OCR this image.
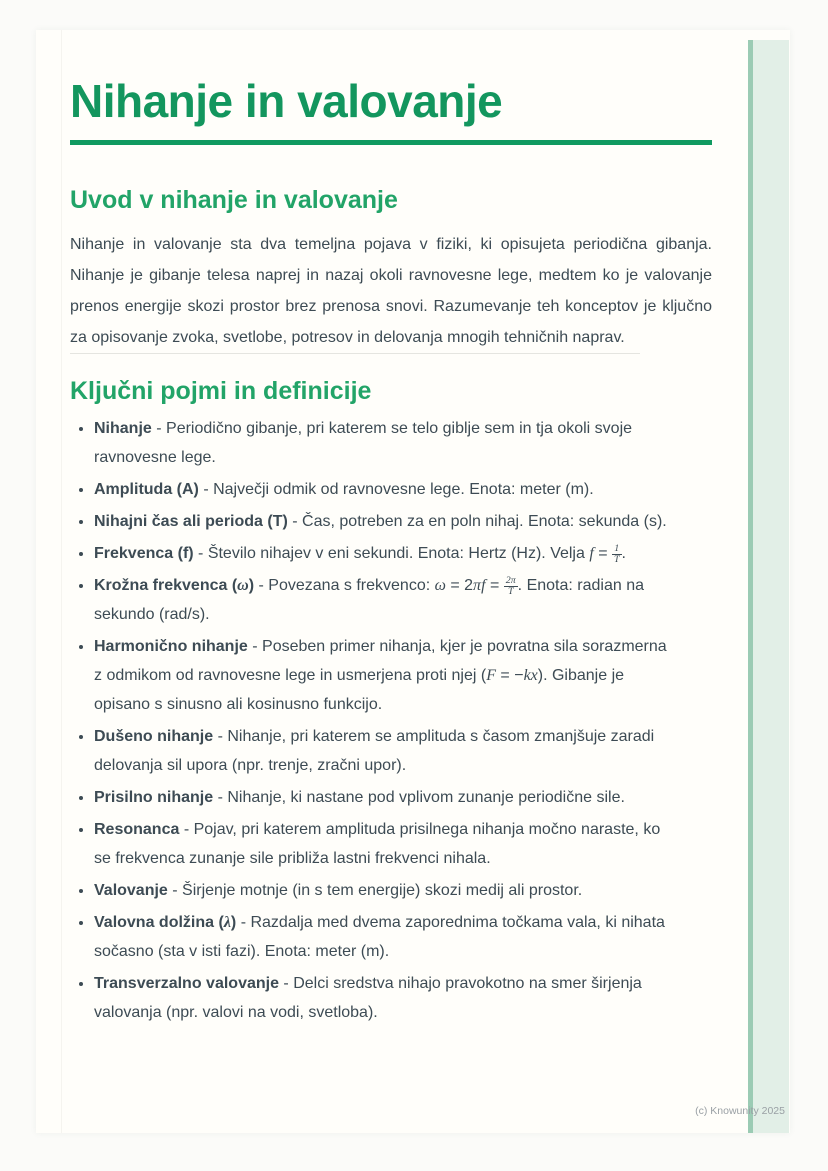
Nihanje in valovanje
Uvod v nihanje in valovanje

Nihanje in valovanje sta dva temeljna pojava v fiziki, ki opisujeta periodična gibanja. Nihanje je gibanje telesa naprej in nazaj okoli ravnovesne lege, medtem ko je valovanje prenos energije skozi prostor brez prenosa snovi. Razumevanje teh konceptov je ključno za opisovanje zvoka, svetlobe, potresov in delovanja mnogih tehničnih naprav.

Ključni pojmi in definicije
• Nihanje - Periodično gibanje, pri katerem se telo giblje sem in tja okoli svoje ravnovesne lege.
• Amplituda (A) - Največji odmik od ravnovesne lege. Enota: meter (m).
• Nihajni čas ali perioda (T) - Čas, potreben za en poln nihaj. Enota: sekunda (s).
• Frekvenca (f) - Število nihajev v eni sekundi. Enota: Hertz (Hz). Velja $f = \frac{1}{T}$ .
• Krožna frekvenca (ω) - Povezana s frekvenco: $\omega = 2\pi f = \frac{2\pi}{T}$ . Enota: radian na sekundo (rad/s).
• Harmonično nihanje - Poseben primer nihanja, kjer je povratna sila sorazmerna z odmikom od ravnovesne lege in usmerjena proti njej (F = −kx). Gibanje je opisano s sinusno ali kosinusno funkcijo.
• Dušeno nihanje - Nihanje, pri katerem se amplituda s časom zmanjšuje zaradi delovanja sil upora (npr. trenje, zračni upor).
• Prisilno nihanje - Nihanje, ki nastane pod vplivom zunanje periodične sile.
• Resonanca - Pojav, pri katerem amplituda prisilnega nihanja močno naraste, ko se frekvenca zunanje sile približa lastni frekvenci nihala.
• Valovanje - Širjenje motnje (in s tem energije) skozi medij ali prostor.
• Valovna dolžina (λ) - Razdalja med dvema zaporednima točkama vala, ki nihata sočasno (sta v isti fazi). Enota: meter (m).
• Transverzalno valovanje - Delci sredstva nihajo pravokotno na smer širjenja valovanja (npr. valovi na vodi, svetloba).
(c) Knowunity 2025
